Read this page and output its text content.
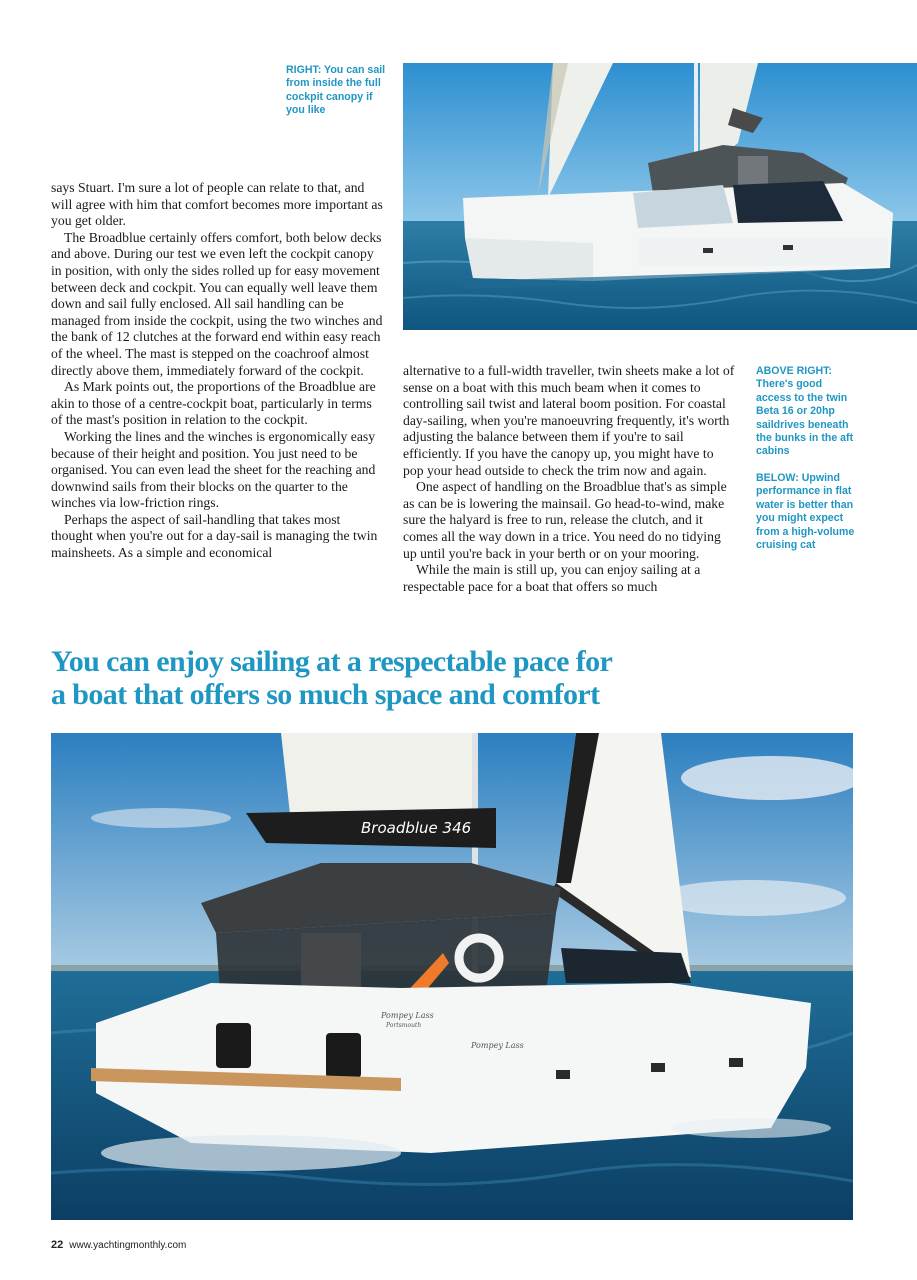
RIGHT: You can sail from inside the full cockpit canopy if you like

says Stuart. I'm sure a lot of people can relate to that, and will agree with him that comfort becomes more important as you get older.

The Broadblue certainly offers comfort, both below decks and above. During our test we even left the cockpit canopy in position, with only the sides rolled up for easy movement between deck and cockpit. You can equally well leave them down and sail fully enclosed. All sail handling can be managed from inside the cockpit, using the two winches and the bank of 12 clutches at the forward end within easy reach of the wheel. The mast is stepped on the coachroof almost directly above them, immediately forward of the cockpit.

As Mark points out, the proportions of the Broadblue are akin to those of a centre-cockpit boat, particularly in terms of the mast's position in relation to the cockpit.

Working the lines and the winches is ergonomically easy because of their height and position. You just need to be organised. You can even lead the sheet for the reaching and downwind sails from their blocks on the quarter to the winches via low-friction rings.

Perhaps the aspect of sail-handling that takes most thought when you're out for a day-sail is managing the twin mainsheets. As a simple and economical

alternative to a full-width traveller, twin sheets make a lot of sense on a boat with this much beam when it comes to controlling sail twist and lateral boom position. For coastal day-sailing, when you're manoeuvring frequently, it's worth adjusting the balance between them if you're to sail efficiently. If you have the canopy up, you might have to pop your head outside to check the trim now and again.

One aspect of handling on the Broadblue that's as simple as can be is lowering the mainsail. Go head-to-wind, make sure the halyard is free to run, release the clutch, and it comes all the way down in a trice. You need do no tidying up until you're back in your berth or on your mooring.

While the main is still up, you can enjoy sailing at a respectable pace for a boat that offers so much

ABOVE RIGHT: There's good access to the twin Beta 16 or 20hp saildrives beneath the bunks in the aft cabins
BELOW: Upwind performance in flat water is better than you might expect from a high-volume cruising cat
You can enjoy sailing at a respectable pace for
a boat that offers so much space and comfort
Broadblue 346
Pompey Lass
Portsmouth
Pompey Lass
22 www.yachtingmonthly.com
